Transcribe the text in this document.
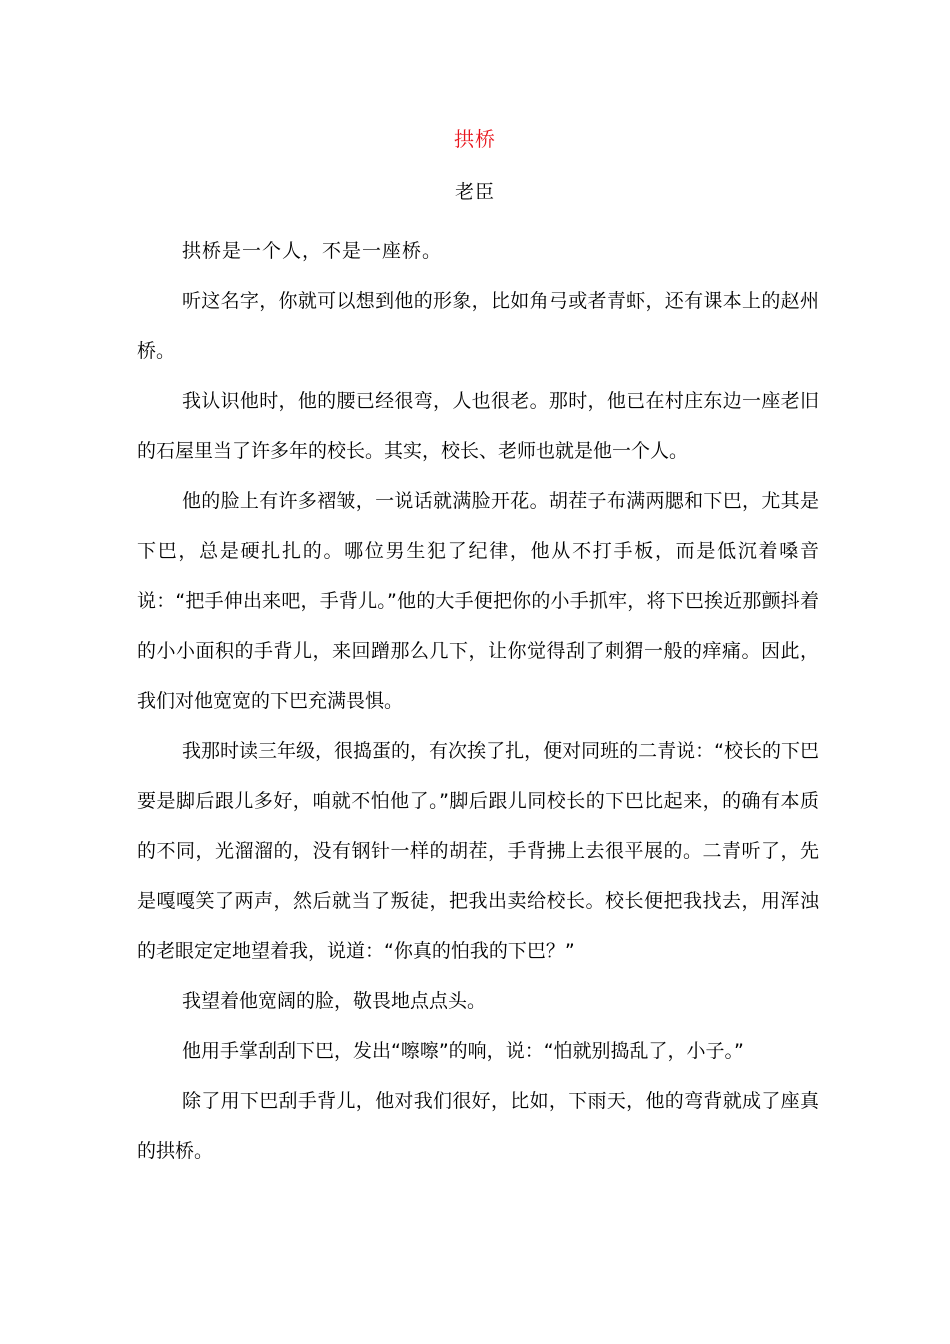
拱桥
老臣

拱桥是一个人，不是一座桥。

听这名字，你就可以想到他的形象，比如角弓或者青虾，还有课本上的赵州桥。

我认识他时，他的腰已经很弯，人也很老。那时，他已在村庄东边一座老旧的石屋里当了许多年的校长。其实，校长、老师也就是他一个人。

他的脸上有许多褶皱，一说话就满脸开花。胡茬子布满两腮和下巴，尤其是下巴，总是硬扎扎的。哪位男生犯了纪律，他从不打手板，而是低沉着嗓音说：“把手伸出来吧，手背儿。”他的大手便把你的小手抓牢，将下巴挨近那颤抖着的小小面积的手背儿，来回蹭那么几下，让你觉得刮了刺猬一般的痒痛。因此，我们对他宽宽的下巴充满畏惧。

我那时读三年级，很捣蛋的，有次挨了扎，便对同班的二青说：“校长的下巴要是脚后跟儿多好，咱就不怕他了。”脚后跟儿同校长的下巴比起来，的确有本质的不同，光溜溜的，没有钢针一样的胡茬，手背拂上去很平展的。二青听了，先是嘎嘎笑了两声，然后就当了叛徒，把我出卖给校长。校长便把我找去，用浑浊的老眼定定地望着我，说道：“你真的怕我的下巴？”

我望着他宽阔的脸，敬畏地点点头。

他用手掌刮刮下巴，发出“嚓嚓”的响，说：“怕就别捣乱了，小子。”

除了用下巴刮手背儿，他对我们很好，比如，下雨天，他的弯背就成了座真的拱桥。
